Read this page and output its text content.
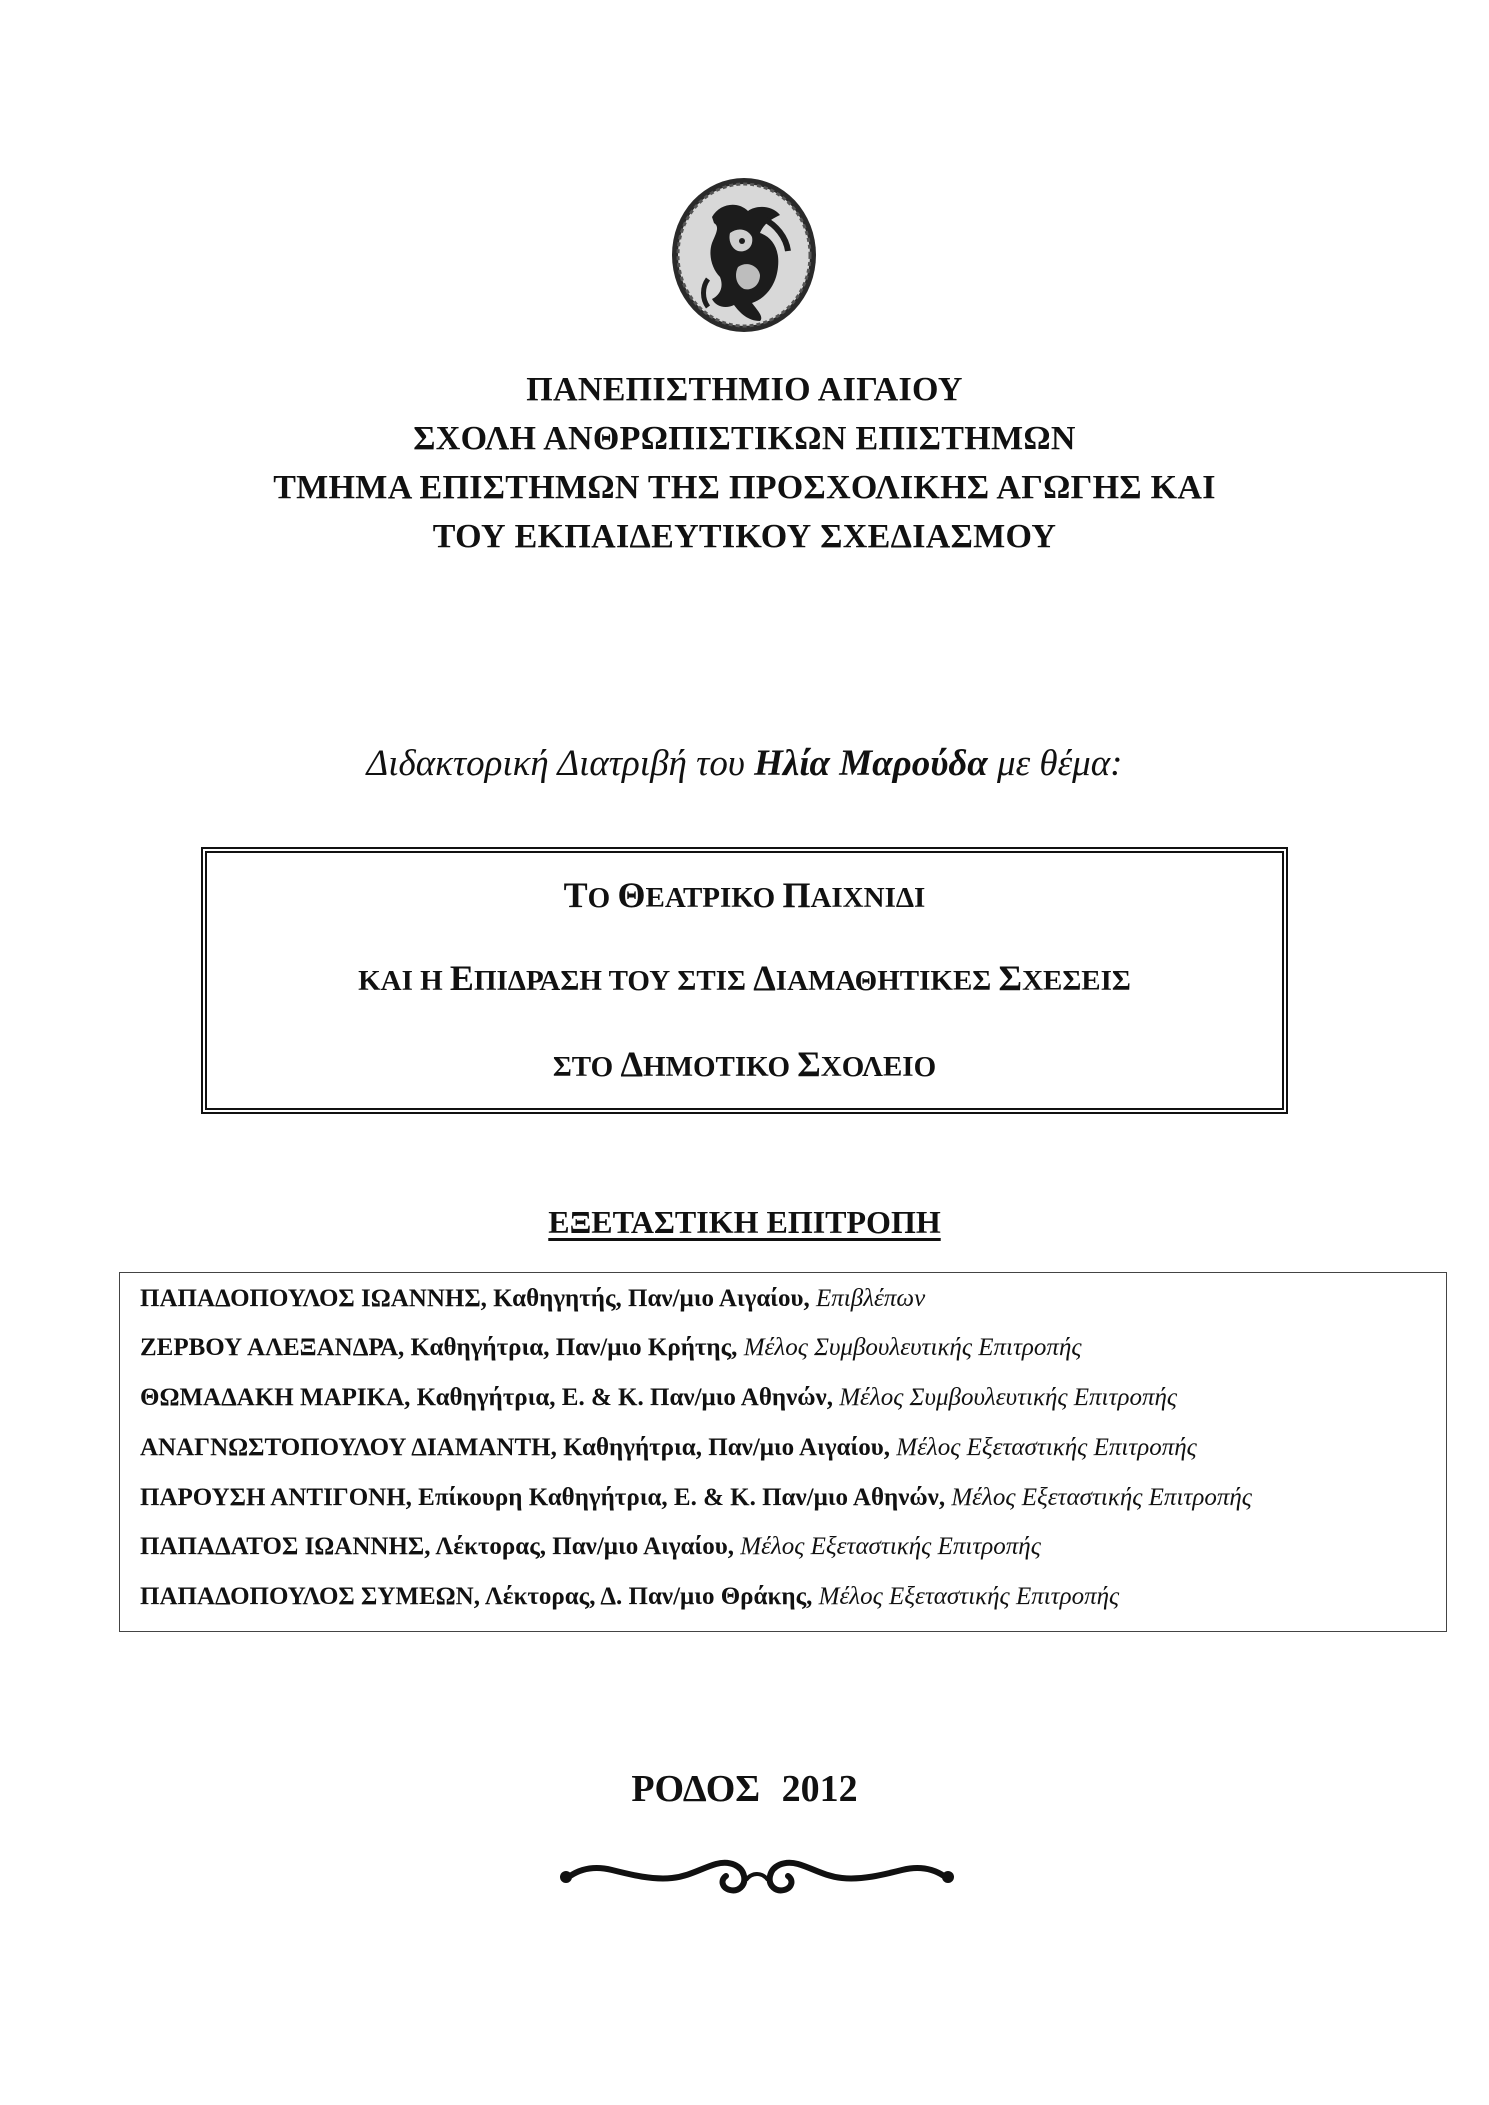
ΠΑΝΕΠΙΣΤΗΜΙΟ ΑΙΓΑΙΟΥ
ΣΧΟΛΗ ΑΝΘΡΩΠΙΣΤΙΚΩΝ ΕΠΙΣΤΗΜΩΝ
ΤΜΗΜΑ ΕΠΙΣΤΗΜΩΝ ΤΗΣ ΠΡΟΣΧΟΛΙΚΗΣ ΑΓΩΓΗΣ ΚΑΙ
ΤΟΥ ΕΚΠΑΙΔΕΥΤΙΚΟΥ ΣΧΕΔΙΑΣΜΟΥ
Διδακτορική Διατριβή του Ηλία Μαρούδα με θέμα:
ΤΟ ΘΕΑΤΡΙΚΟ ΠΑΙΧΝΙΔΙ
ΚΑΙ Η ΕΠΙΔΡΑΣΗ ΤΟΥ ΣΤΙΣ ΔΙΑΜΑΘΗΤΙΚΕΣ ΣΧΕΣΕΙΣ
ΣΤΟ ΔΗΜΟΤΙΚΟ ΣΧΟΛΕΙΟ
ΕΞΕΤΑΣΤΙΚΗ ΕΠΙΤΡΟΠΗ
ΠΑΠΑΔΟΠΟΥΛΟΣ ΙΩΑΝΝΗΣ, Καθηγητής, Παν/μιο Αιγαίου, Επιβλέπων
ΖΕΡΒΟΥ ΑΛΕΞΑΝΔΡΑ, Καθηγήτρια, Παν/μιο Κρήτης, Μέλος Συμβουλευτικής Επιτροπής
ΘΩΜΑΔΑΚΗ ΜΑΡΙΚΑ, Καθηγήτρια, Ε. & Κ. Παν/μιο Αθηνών, Μέλος Συμβουλευτικής Επιτροπής
ΑΝΑΓΝΩΣΤΟΠΟΥΛΟΥ ΔΙΑΜΑΝΤΗ, Καθηγήτρια, Παν/μιο Αιγαίου, Μέλος Εξεταστικής Επιτροπής
ΠΑΡΟΥΣΗ ΑΝΤΙΓΟΝΗ, Επίκουρη Καθηγήτρια, Ε. & Κ. Παν/μιο Αθηνών, Μέλος Εξεταστικής Επιτροπής
ΠΑΠΑΔΑΤΟΣ ΙΩΑΝΝΗΣ, Λέκτορας, Παν/μιο Αιγαίου, Μέλος Εξεταστικής Επιτροπής
ΠΑΠΑΔΟΠΟΥΛΟΣ ΣΥΜΕΩΝ, Λέκτορας, Δ. Παν/μιο Θράκης, Μέλος Εξεταστικής Επιτροπής
ΡΟΔΟΣ 2012
